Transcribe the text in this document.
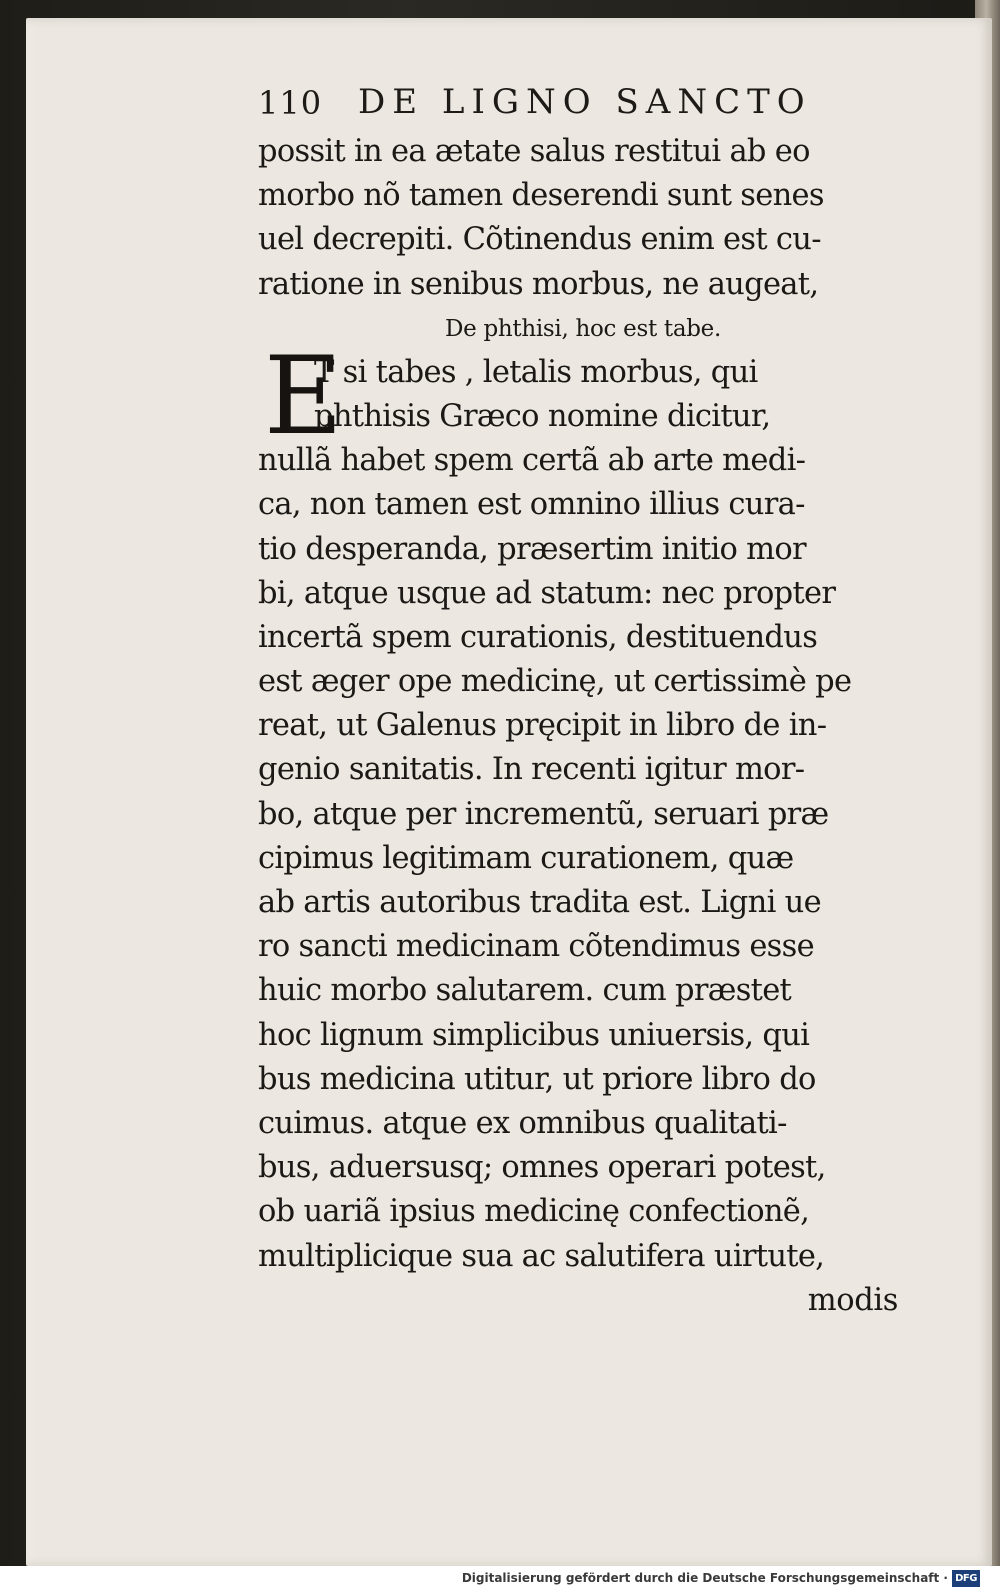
110 DE LIGNO SANCTO
possit in ea ætate salus restitui ab eo
morbo nõ tamen deserendi sunt senes
uel decrepiti. Cõtinendus enim est cu-
ratione in senibus morbus, ne augeat,
De phthisi, hoc est tabe.
E
T si tabes , letalis morbus, qui
phthisis Græco nomine dicitur,
nullã habet spem certã ab arte medi-
ca, non tamen est omnino illius cura-
tio desperanda, præsertim initio mor
bi, atque usque ad statum: nec propter
incertã spem curationis, destituendus
est æger ope medicinę, ut certissimè pe
reat, ut Galenus pręcipit in libro de in-
genio sanitatis. In recenti igitur mor-
bo, atque per incrementũ, seruari præ
cipimus legitimam curationem, quæ
ab artis autoribus tradita est. Ligni ue
ro sancti medicinam cõtendimus esse
huic morbo salutarem. cum præstet
hoc lignum simplicibus uniuersis, qui
bus medicina utitur, ut priore libro do
cuimus. atque ex omnibus qualitati-
bus, aduersusq; omnes operari potest,
ob uariã ipsius medicinę confectionẽ,
multiplicique sua ac salutifera uirtute,
modis
Digitalisierung gefördert durch die Deutsche Forschungsgemeinschaft · DFG
